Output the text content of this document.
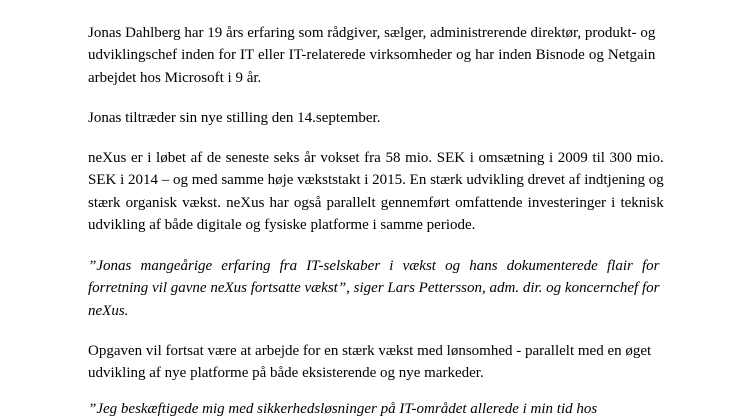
Jonas Dahlberg har 19 års erfaring som rådgiver, sælger, administrerende direktør, produkt- og
udviklingschef inden for IT eller IT-relaterede virksomheder og har inden Bisnode og Netgain
arbejdet hos Microsoft i 9 år.

Jonas tiltræder sin nye stilling den 14.september.

neXus er i løbet af de seneste seks år vokset fra 58 mio. SEK i omsætning i 2009 til 300 mio.
SEK i 2014 – og med samme høje vækststakt i 2015. En stærk udvikling drevet af indtjening og
stærk organisk vækst. neXus har også parallelt gennemført omfattende investeringer i teknisk
udvikling af både digitale og fysiske platforme i samme periode.

”Jonas mangeårige erfaring fra IT-selskaber i vækst og hans dokumenterede flair for
forretning vil gavne neXus fortsatte vækst”, siger Lars Pettersson, adm. dir. og koncernchef for
neXus.

Opgaven vil fortsat være at arbejde for en stærk vækst med lønsomhed - parallelt med en øget
udvikling af nye platforme på både eksisterende og nye markeder.

”Jeg beskæftigede mig med sikkerhedsløsninger på IT-området allerede i min tid hos
